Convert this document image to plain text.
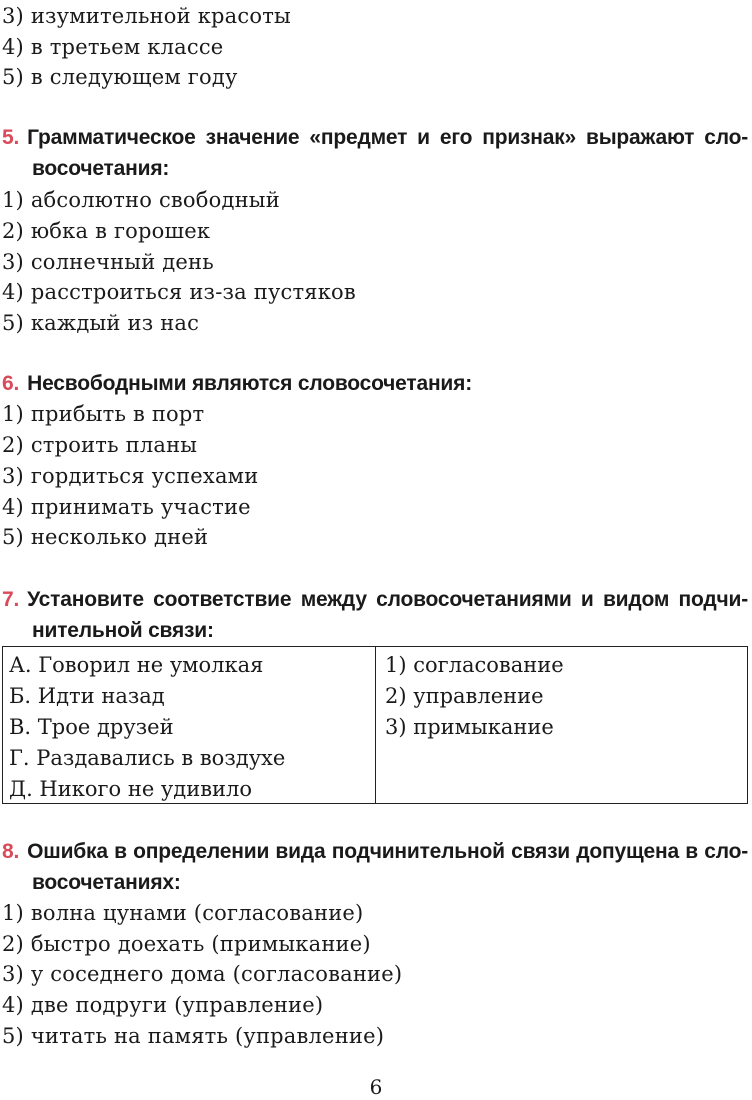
3) изумительной красоты
4) в третьем классе
5) в следующем году
5. Грамматическое значение «предмет и его признак» выражают сло-
восочетания:
1) абсолютно свободный
2) юбка в горошек
3) солнечный день
4) расстроиться из-за пустяков
5) каждый из нас
6. Несвободными являются словосочетания:
1) прибыть в порт
2) строить планы
3) гордиться успехами
4) принимать участие
5) несколько дней
7. Установите соответствие между словосочетаниями и видом подчи-
нительной связи:
А. Говорил не умолкая
Б. Идти назад
В. Трое друзей
Г. Раздавались в воздухе
Д. Никого не удивило
1) согласование
2) управление
3) примыкание
8. Ошибка в определении вида подчинительной связи допущена в сло-
восочетаниях:
1) волна цунами (согласование)
2) быстро доехать (примыкание)
3) у соседнего дома (согласование)
4) две подруги (управление)
5) читать на память (управление)
6
